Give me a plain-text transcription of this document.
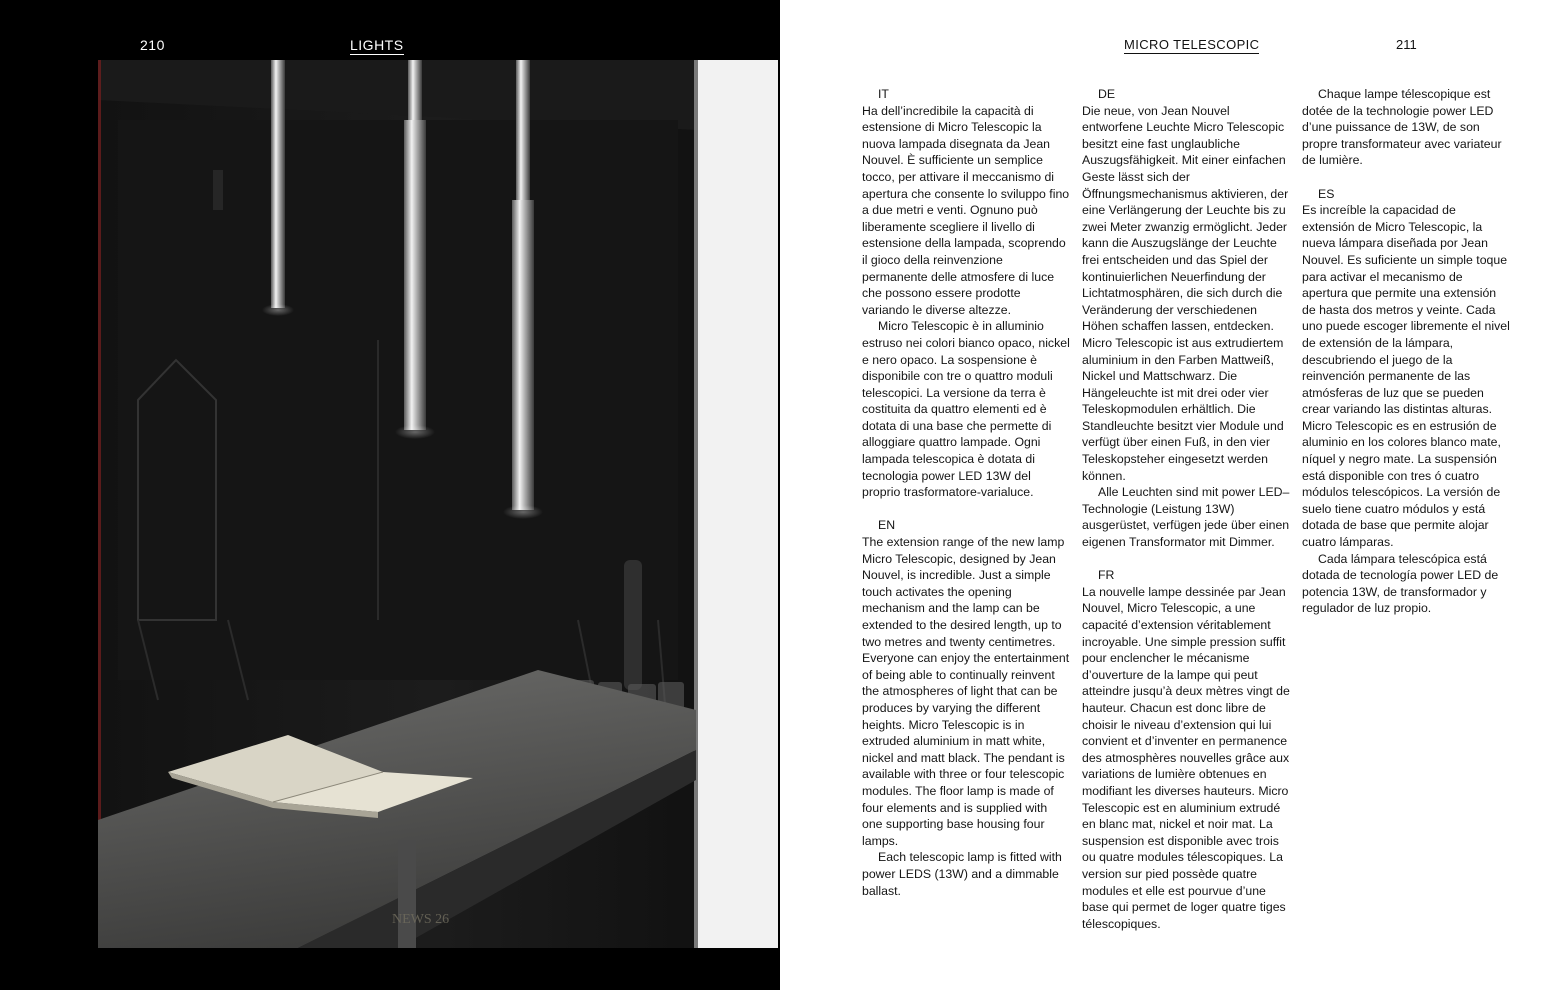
210	LIGHTS
NEWS 26
MICRO TELESCOPIC	211

IT

Ha dell’incredibile la capacità di estensione di Micro Telescopic la nuova lampada disegnata da Jean Nouvel. È sufficiente un semplice tocco, per attivare il meccanismo di apertura che consente lo sviluppo fino a due metri e venti. Ognuno può liberamente scegliere il livello di estensione della lampada, scoprendo il gioco della reinvenzione permanente delle atmosfere di luce che possono essere prodotte variando le diverse altezze.

Micro Telescopic è in alluminio estruso nei colori bianco opaco, nickel e nero opaco. La sospensione è disponibile con tre o quattro moduli telescopici. La versione da terra è costituita da quattro elementi ed è dotata di una base che permette di alloggiare quattro lampade. Ogni lampada telescopica è dotata di tecnologia power LED 13W del proprio trasformatore-varialuce.

EN

The extension range of the new lamp Micro Telescopic, designed by Jean Nouvel, is incredible. Just a simple touch activates the opening mechanism and the lamp can be extended to the desired length, up to two metres and twenty centimetres. Everyone can enjoy the entertainment of being able to continually reinvent the atmospheres of light that can be produces by varying the different heights. Micro Telescopic is in extruded aluminium in matt white, nickel and matt black. The pendant is available with three or four telescopic modules. The floor lamp is made of four elements and is supplied with one supporting base housing four lamps.

Each telescopic lamp is fitted with power LEDS (13W) and a dimmable ballast.

DE

Die neue, von Jean Nouvel entworfene Leuchte Micro Telescopic besitzt eine fast unglaubliche Auszugsfähigkeit. Mit einer einfachen Geste lässt sich der Öffnungsmechanismus aktivieren, der eine Verlängerung der Leuchte bis zu zwei Meter zwanzig ermöglicht. Jeder kann die Auszugslänge der Leuchte frei entscheiden und das Spiel der kontinuierlichen Neuerfindung der Lichtatmosphären, die sich durch die Veränderung der verschiedenen Höhen schaffen lassen, entdecken. Micro Telescopic ist aus extrudiertem aluminium in den Farben Mattweiß, Nickel und Mattschwarz. Die Hängeleuchte ist mit drei oder vier Teleskopmodulen erhältlich. Die Standleuchte besitzt vier Module und verfügt über einen Fuß, in den vier Teleskopsteher eingesetzt werden können.

Alle Leuchten sind mit power LED–Technologie (Leistung 13W) ausgerüstet, verfügen jede über einen eigenen Transformator mit Dimmer.

FR

La nouvelle lampe dessinée par Jean Nouvel, Micro Telescopic, a une capacité d’extension véritablement incroyable. Une simple pression suffit pour enclencher le mécanisme d’ouverture de la lampe qui peut atteindre jusqu’à deux mètres vingt de hauteur. Chacun est donc libre de choisir le niveau d’extension qui lui convient et d’inventer en permanence des atmosphères nouvelles grâce aux variations de lumière obtenues en modifiant les diverses hauteurs. Micro Telescopic est en aluminium extrudé en blanc mat, nickel et noir mat. La suspension est disponible avec trois ou quatre modules télescopiques. La version sur pied possède quatre modules et elle est pourvue d’une base qui permet de loger quatre tiges télescopiques.

Chaque lampe télescopique est dotée de la technologie power LED d’une puissance de 13W, de son propre transformateur avec variateur de lumière.

ES

Es increíble la capacidad de extensión de Micro Telescopic, la nueva lámpara diseñada por Jean Nouvel. Es suficiente un simple toque para activar el mecanismo de apertura que permite una extensión de hasta dos metros y veinte. Cada uno puede escoger libremente el nivel de extensión de la lámpara, descubriendo el juego de la reinvención permanente de las atmósferas de luz que se pueden crear variando las distintas alturas. Micro Telescopic es en estrusión de aluminio en los colores blanco mate, níquel y negro mate. La suspensión está disponible con tres ó cuatro módulos telescópicos. La versión de suelo tiene cuatro módulos y está dotada de base que permite alojar cuatro lámparas.

Cada lámpara telescópica está dotada de tecnología power LED de potencia 13W, de transformador y regulador de luz propio.
